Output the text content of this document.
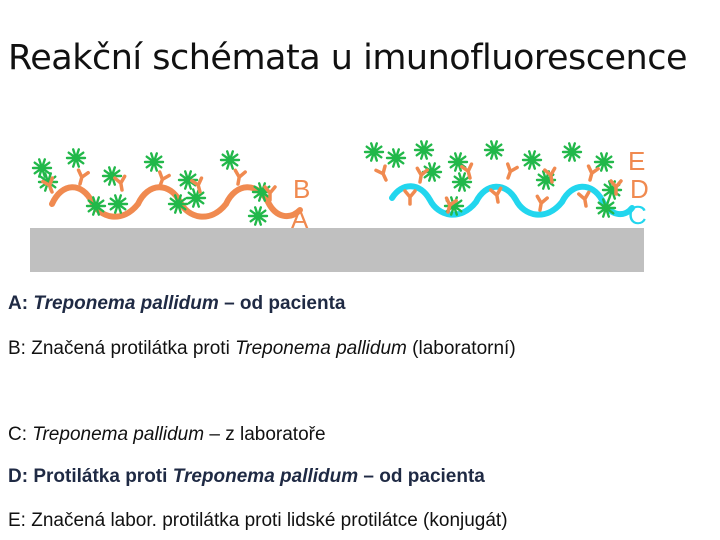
Reakční schémata u imunofluorescence
B
A
E
D
C
A: Treponema pallidum – od pacienta
B: Značená protilátka proti Treponema pallidum (laboratorní)
C: Treponema pallidum – z laboratoře
D: Protilátka proti Treponema pallidum – od pacienta
E: Značená labor. protilátka proti lidské protilátce (konjugát)
